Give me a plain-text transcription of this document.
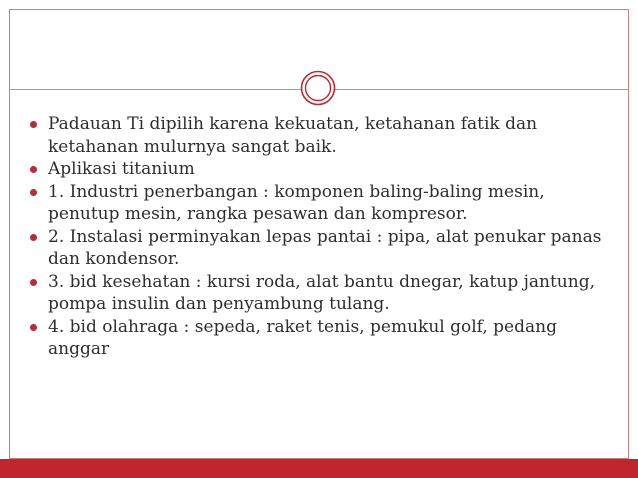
Padauan Ti dipilih karena kekuatan, ketahanan fatik dan ketahanan mulurnya sangat baik.
Aplikasi titanium
1. Industri penerbangan : komponen baling-baling mesin, penutup mesin, rangka pesawan dan kompresor.
2. Instalasi perminyakan lepas pantai : pipa, alat penukar panas dan kondensor.
3. bid kesehatan : kursi roda, alat bantu dnegar, katup jantung, pompa insulin dan penyambung tulang.
4. bid olahraga : sepeda, raket tenis, pemukul golf, pedang anggar
